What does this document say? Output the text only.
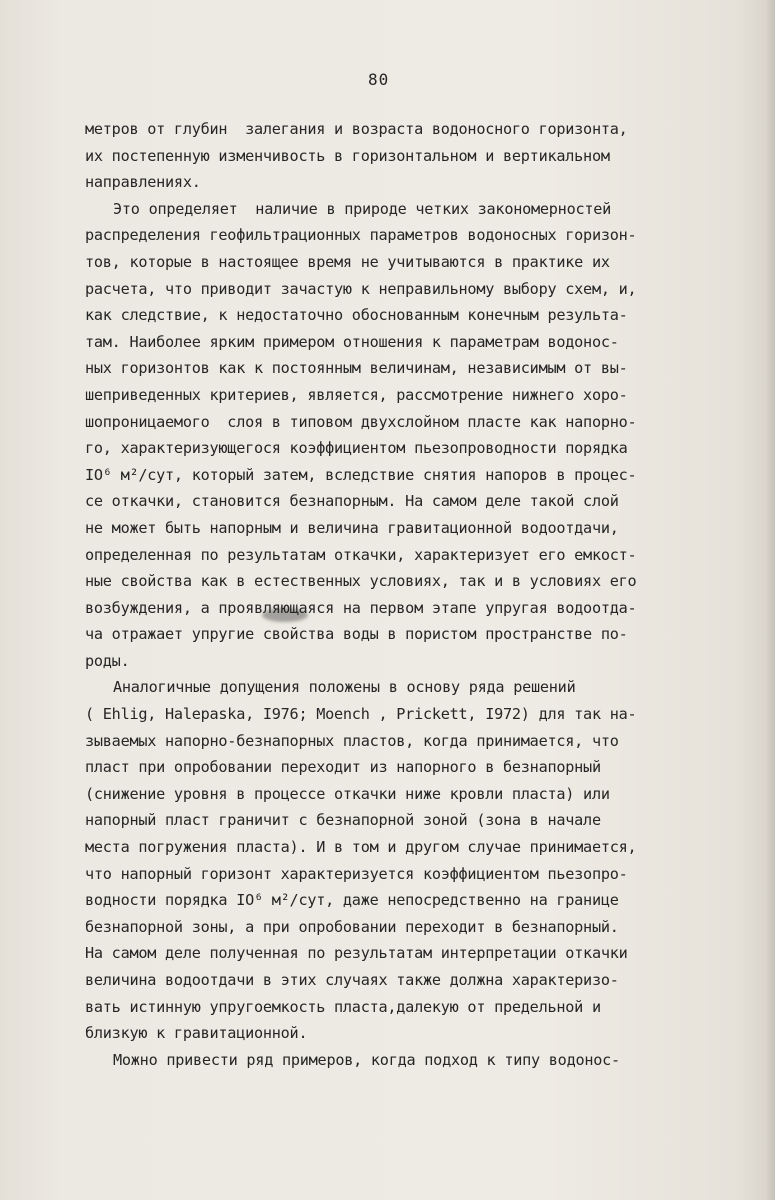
80
метров от глубин  залегания и возраста водоносного горизонта,
их постепенную изменчивость в горизонтальном и вертикальном
направлениях.
Это определяет  наличие в природе четких закономерностей
распределения геофильтрационных параметров водоносных горизон-
тов, которые в настоящее время не учитываются в практике их
расчета, что приводит зачастую к неправильному выбору схем, и,
как следствие, к недостаточно обоснованным конечным результа-
там. Наиболее ярким примером отношения к параметрам водонос-
ных горизонтов как к постоянным величинам, независимым от вы-
шеприведенных критериев, является, рассмотрение нижнего хоро-
шопроницаемого  слоя в типовом двухслойном пласте как напорно-
го, характеризующегося коэффициентом пьезопроводности порядка
IO⁶ м²/сут, который затем, вследствие снятия напоров в процес-
се откачки, становится безнапорным. На самом деле такой слой
не может быть напорным и величина гравитационной водоотдачи,
определенная по результатам откачки, характеризует его емкост-
ные свойства как в естественных условиях, так и в условиях его
возбуждения, а проявляющаяся на первом этапе упругая водоотда-
ча отражает упругие свойства воды в пористом пространстве по-
роды.
Аналогичные допущения положены в основу ряда решений
( Ehlig, Halepaska, I976; Moench , Prickett, I972) для так на-
зываемых напорно-безнапорных пластов, когда принимается, что
пласт при опробовании переходит из напорного в безнапорный
(снижение уровня в процессе откачки ниже кровли пласта) или
напорный пласт граничит с безнапорной зоной (зона в начале
места погружения пласта). И в том и другом случае принимается,
что напорный горизонт характеризуется коэффициентом пьезопро-
водности порядка IO⁶ м²/сут, даже непосредственно на границе
безнапорной зоны, а при опробовании переходит в безнапорный.
На самом деле полученная по результатам интерпретации откачки
величина водоотдачи в этих случаях также должна характеризо-
вать истинную упругоемкость пласта,далекую от предельной и
близкую к гравитационной.
Можно привести ряд примеров, когда подход к типу водонос-
